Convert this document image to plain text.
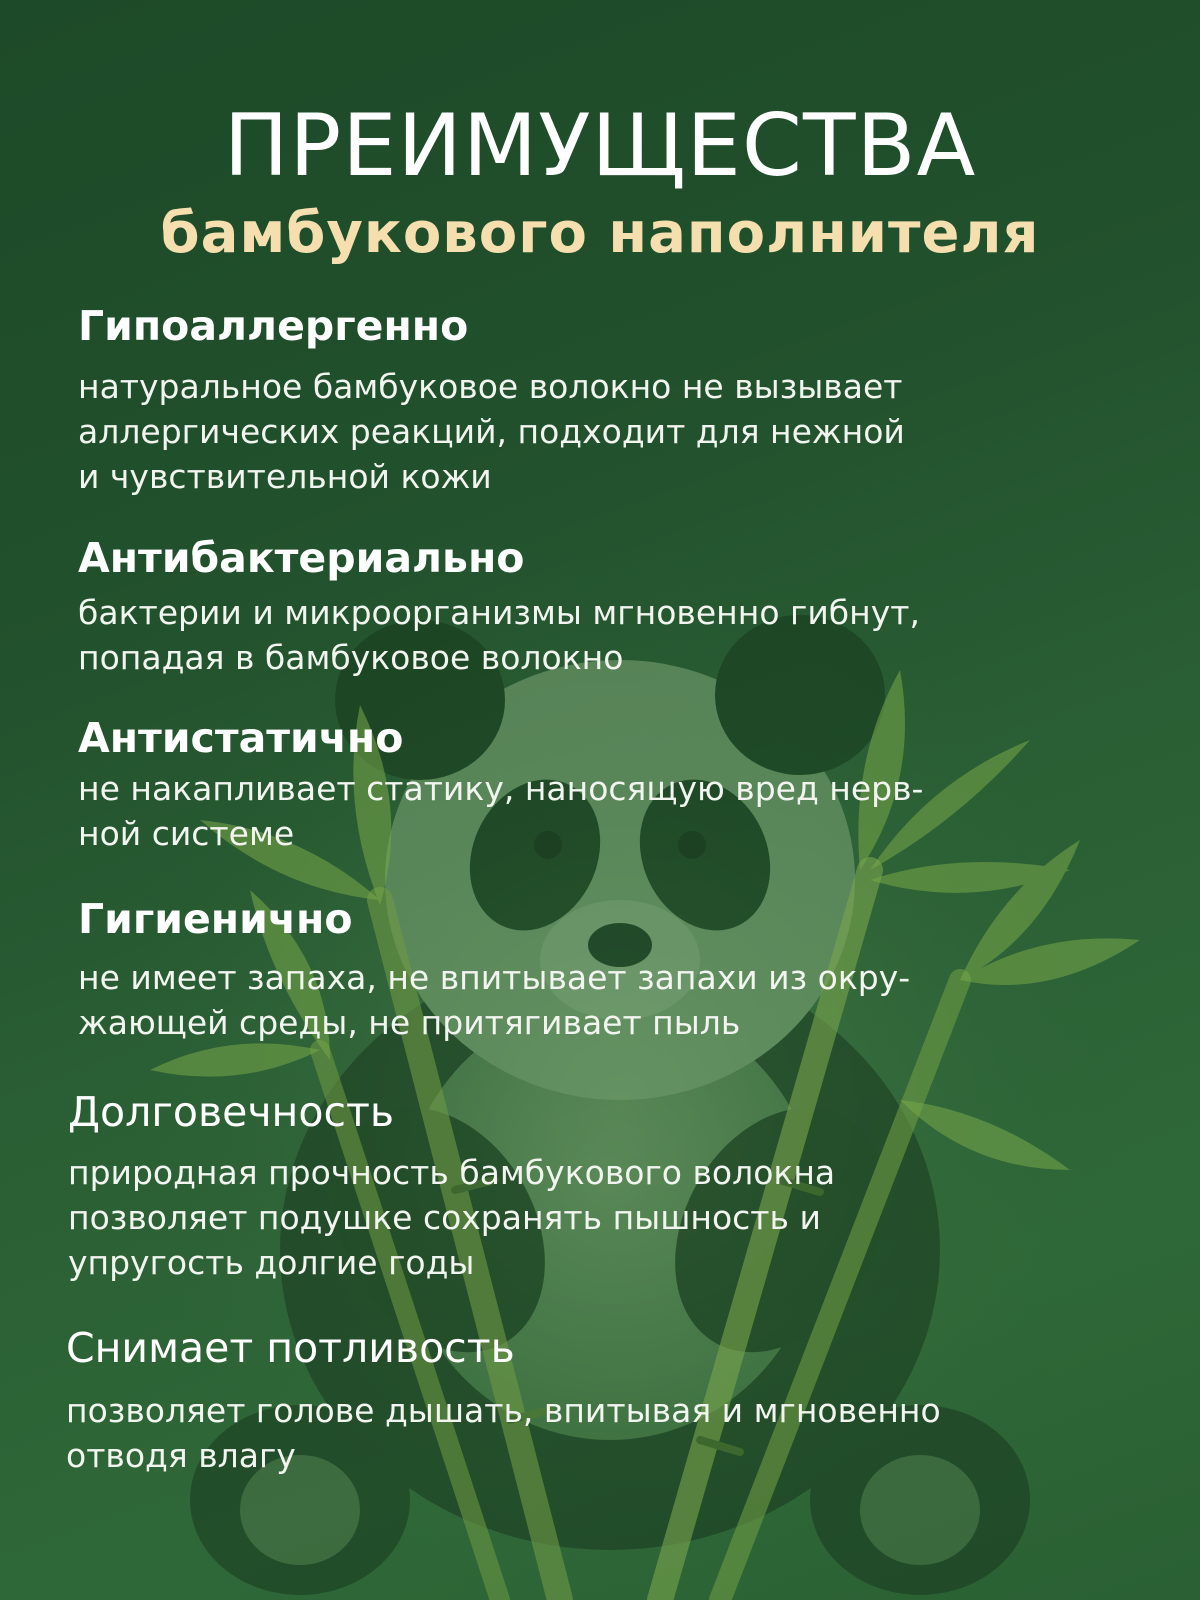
ПРЕИМУЩЕСТВА
бамбукового наполнителя
Гипоаллергенно

натуральное бамбуковое волокно не вызывает
аллергических реакций, подходит для нежной
и чувствительной кожи

Антибактериально

бактерии и микроорганизмы мгновенно гибнут,
попадая в бамбуковое волокно

Антистатично

не накапливает статику, наносящую вред нерв-
ной системе

Гигиенично

не имеет запаха, не впитывает запахи из окру-
жающей среды, не притягивает пыль

Долговечность

природная прочность бамбукового волокна
позволяет подушке сохранять пышность и
упругость долгие годы

Снимает потливость

позволяет голове дышать, впитывая и мгновенно
отводя влагу
